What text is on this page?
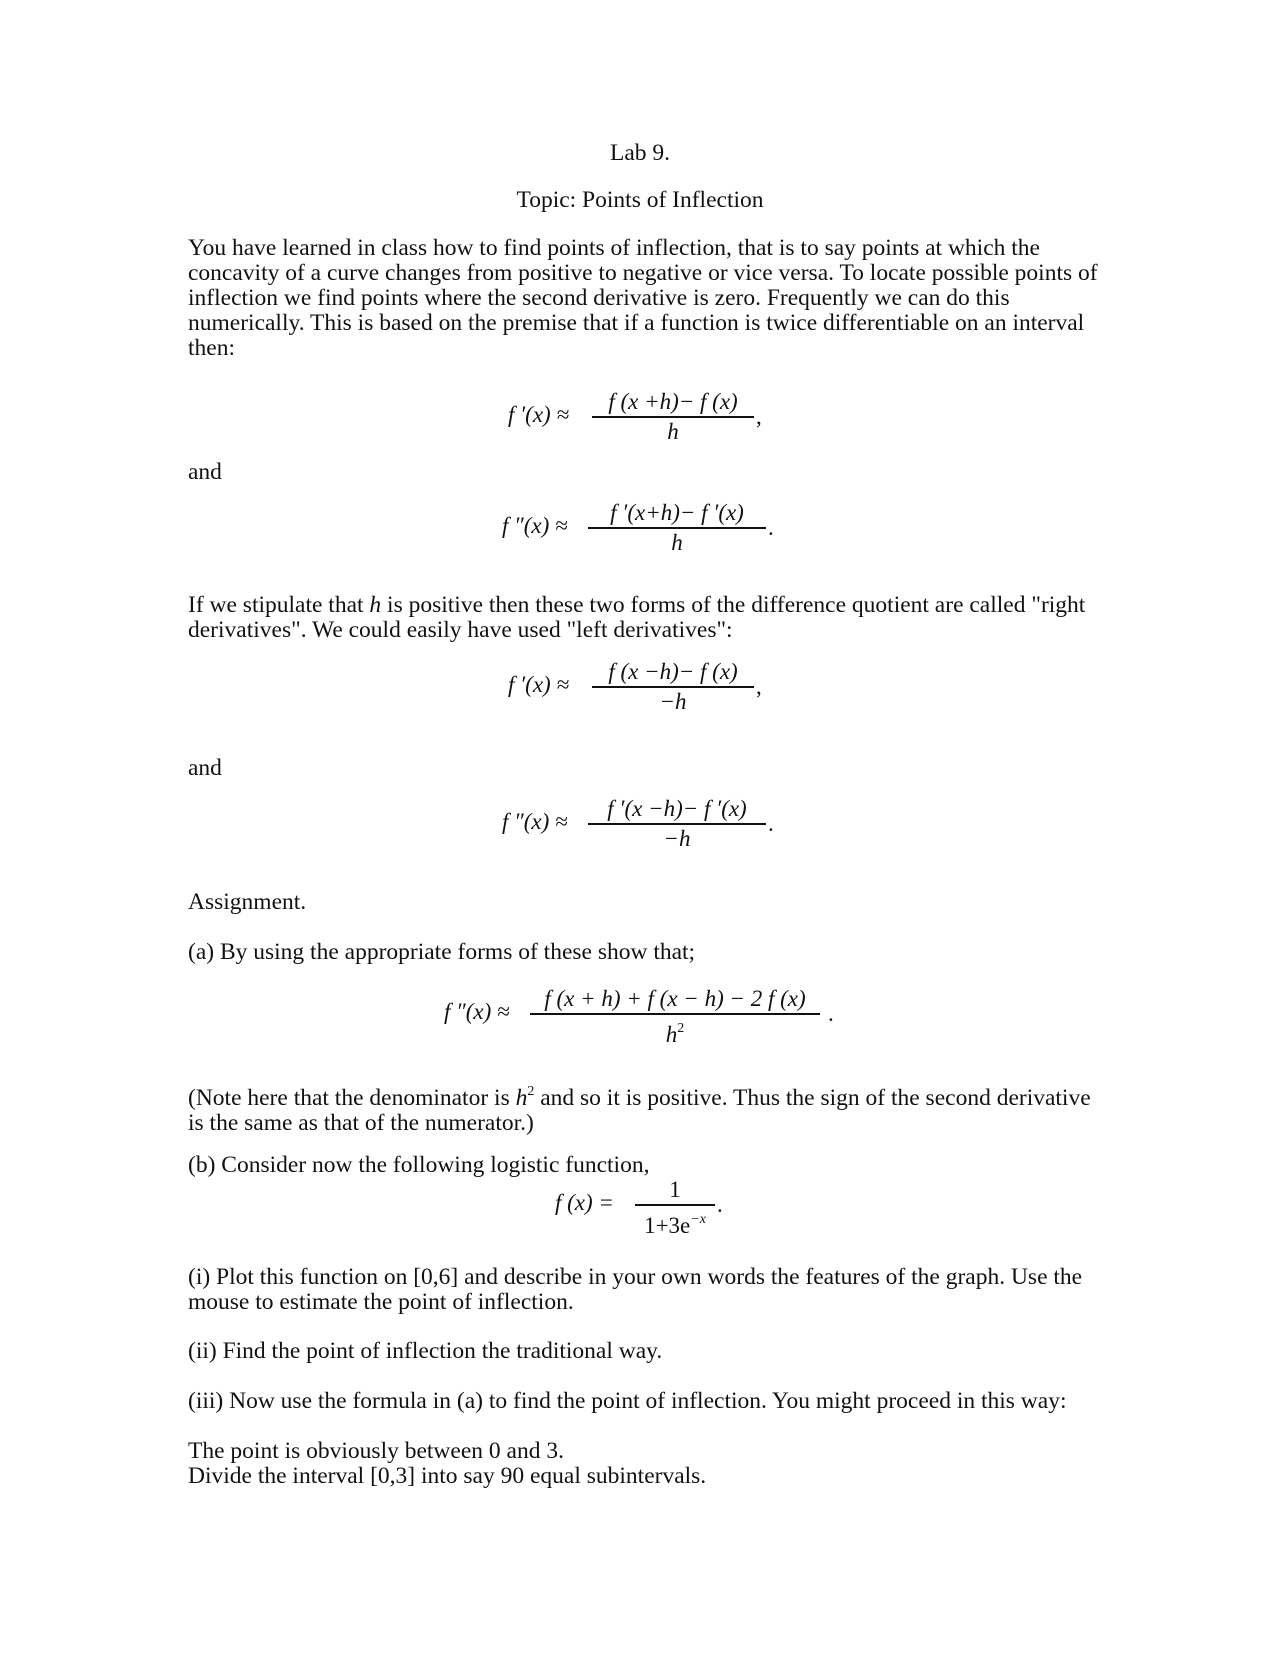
Lab 9.

Topic: Points of Inflection

You have learned in class how to find points of inflection, that is to say points at which the concavity of a curve changes from positive to negative or vice versa. To locate possible points of inflection we find points where the second derivative is zero. Frequently we can do this numerically. This is based on the premise that if a function is twice differentiable on an interval then:

f ′(x) ≈
f (x +h)− f (x)
h
,

and

f ″(x) ≈
f ′(x+h)− f ′(x)
h
.

If we stipulate that h is positive then these two forms of the difference quotient are called "right derivatives". We could easily have used "left derivatives":

f ′(x) ≈
f (x −h)− f (x)
−h
,

and

f ″(x) ≈
f ′(x −h)− f ′(x)
−h
.

Assignment.

(a) By using the appropriate forms of these show that;

f ″(x) ≈
f (x + h) + f (x − h) − 2 f (x)
$h^2$
.

(Note here that the denominator is $h^2$ and so it is positive. Thus the sign of the second derivative is the same as that of the numerator.)

(b) Consider now the following logistic function,

f (x) =
1
$1+3e^{-x}$
.

(i) Plot this function on [0,6] and describe in your own words the features of the graph. Use the mouse to estimate the point of inflection.

(ii) Find the point of inflection the traditional way.

(iii) Now use the formula in (a) to find the point of inflection. You might proceed in this way:

The point is obviously between 0 and 3.

Divide the interval [0,3] into say 90 equal subintervals.
